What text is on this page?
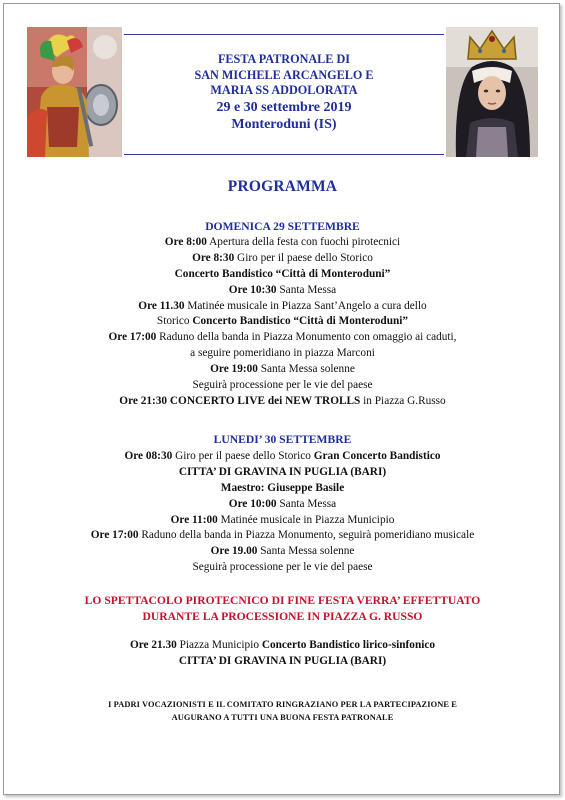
FESTA PATRONALE DI
SAN MICHELE ARCANGELO E
MARIA SS ADDOLORATA
29 e 30 settembre 2019
Monteroduni (IS)
PROGRAMMA
DOMENICA 29 SETTEMBRE
Ore 8:00 Apertura della festa con fuochi pirotecnici
Ore 8:30 Giro per il paese dello Storico
Concerto Bandistico “Città di Monteroduni”
Ore 10:30 Santa Messa
Ore 11.30 Matinée musicale in Piazza Sant’Angelo a cura dello
Storico Concerto Bandistico “Città di Monteroduni”
Ore 17:00 Raduno della banda in Piazza Monumento con omaggio ai caduti,
a seguire pomeridiano in piazza Marconi
Ore 19:00 Santa Messa solenne
Seguirà processione per le vie del paese
Ore 21:30 CONCERTO LIVE dei NEW TROLLS in Piazza G.Russo
LUNEDI’ 30 SETTEMBRE
Ore 08:30 Giro per il paese dello Storico Gran Concerto Bandistico
CITTA’ DI GRAVINA IN PUGLIA (BARI)
Maestro: Giuseppe Basile
Ore 10:00 Santa Messa
Ore 11:00 Matinée musicale in Piazza Municipio
Ore 17:00 Raduno della banda in Piazza Monumento, seguirà pomeridiano musicale
Ore 19.00 Santa Messa solenne
Seguirà processione per le vie del paese
LO SPETTACOLO PIROTECNICO DI FINE FESTA VERRA’ EFFETTUATO
DURANTE LA PROCESSIONE IN PIAZZA G. RUSSO
Ore 21.30 Piazza Municipio Concerto Bandistico lirico-sinfonico
CITTA’ DI GRAVINA IN PUGLIA (BARI)
I PADRI VOCAZIONISTI E IL COMITATO RINGRAZIANO PER LA PARTECIPAZIONE E
AUGURANO A TUTTI UNA BUONA FESTA PATRONALE
